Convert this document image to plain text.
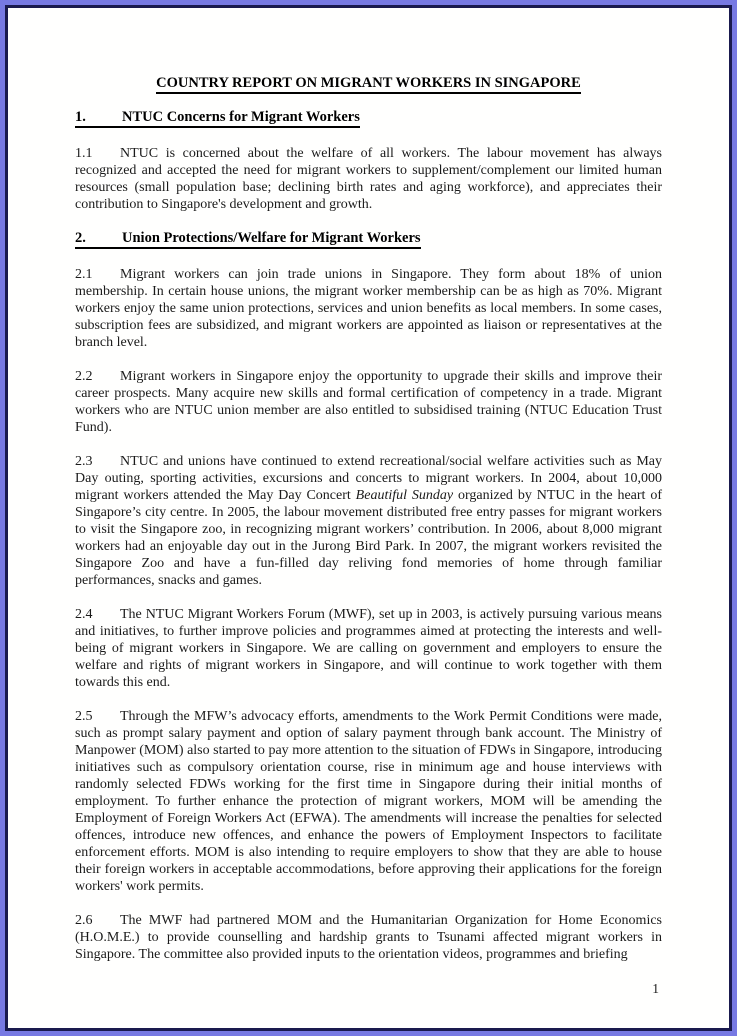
COUNTRY REPORT ON MIGRANT WORKERS IN SINGAPORE
1. NTUC Concerns for Migrant Workers

1.1 NTUC is concerned about the welfare of all workers. The labour movement has always recognized and accepted the need for migrant workers to supplement/complement our limited human resources (small population base; declining birth rates and aging workforce), and appreciates their contribution to Singapore's development and growth.

2. Union Protections/Welfare for Migrant Workers

2.1 Migrant workers can join trade unions in Singapore. They form about 18% of union membership. In certain house unions, the migrant worker membership can be as high as 70%. Migrant workers enjoy the same union protections, services and union benefits as local members. In some cases, subscription fees are subsidized, and migrant workers are appointed as liaison or representatives at the branch level.

2.2 Migrant workers in Singapore enjoy the opportunity to upgrade their skills and improve their career prospects. Many acquire new skills and formal certification of competency in a trade. Migrant workers who are NTUC union member are also entitled to subsidised training (NTUC Education Trust Fund).

2.3 NTUC and unions have continued to extend recreational/social welfare activities such as May Day outing, sporting activities, excursions and concerts to migrant workers. In 2004, about 10,000 migrant workers attended the May Day Concert Beautiful Sunday organized by NTUC in the heart of Singapore’s city centre. In 2005, the labour movement distributed free entry passes for migrant workers to visit the Singapore zoo, in recognizing migrant workers’ contribution. In 2006, about 8,000 migrant workers had an enjoyable day out in the Jurong Bird Park. In 2007, the migrant workers revisited the Singapore Zoo and have a fun-filled day reliving fond memories of home through familiar performances, snacks and games.

2.4 The NTUC Migrant Workers Forum (MWF), set up in 2003, is actively pursuing various means and initiatives, to further improve policies and programmes aimed at protecting the interests and well-being of migrant workers in Singapore. We are calling on government and employers to ensure the welfare and rights of migrant workers in Singapore, and will continue to work together with them towards this end.

2.5 Through the MFW’s advocacy efforts, amendments to the Work Permit Conditions were made, such as prompt salary payment and option of salary payment through bank account. The Ministry of Manpower (MOM) also started to pay more attention to the situation of FDWs in Singapore, introducing initiatives such as compulsory orientation course, rise in minimum age and house interviews with randomly selected FDWs working for the first time in Singapore during their initial months of employment. To further enhance the protection of migrant workers, MOM will be amending the Employment of Foreign Workers Act (EFWA). The amendments will increase the penalties for selected offences, introduce new offences, and enhance the powers of Employment Inspectors to facilitate enforcement efforts. MOM is also intending to require employers to show that they are able to house their foreign workers in acceptable accommodations, before approving their applications for the foreign workers' work permits.

2.6 The MWF had partnered MOM and the Humanitarian Organization for Home Economics (H.O.M.E.) to provide counselling and hardship grants to Tsunami affected migrant workers in Singapore. The committee also provided inputs to the orientation videos, programmes and briefing

1
